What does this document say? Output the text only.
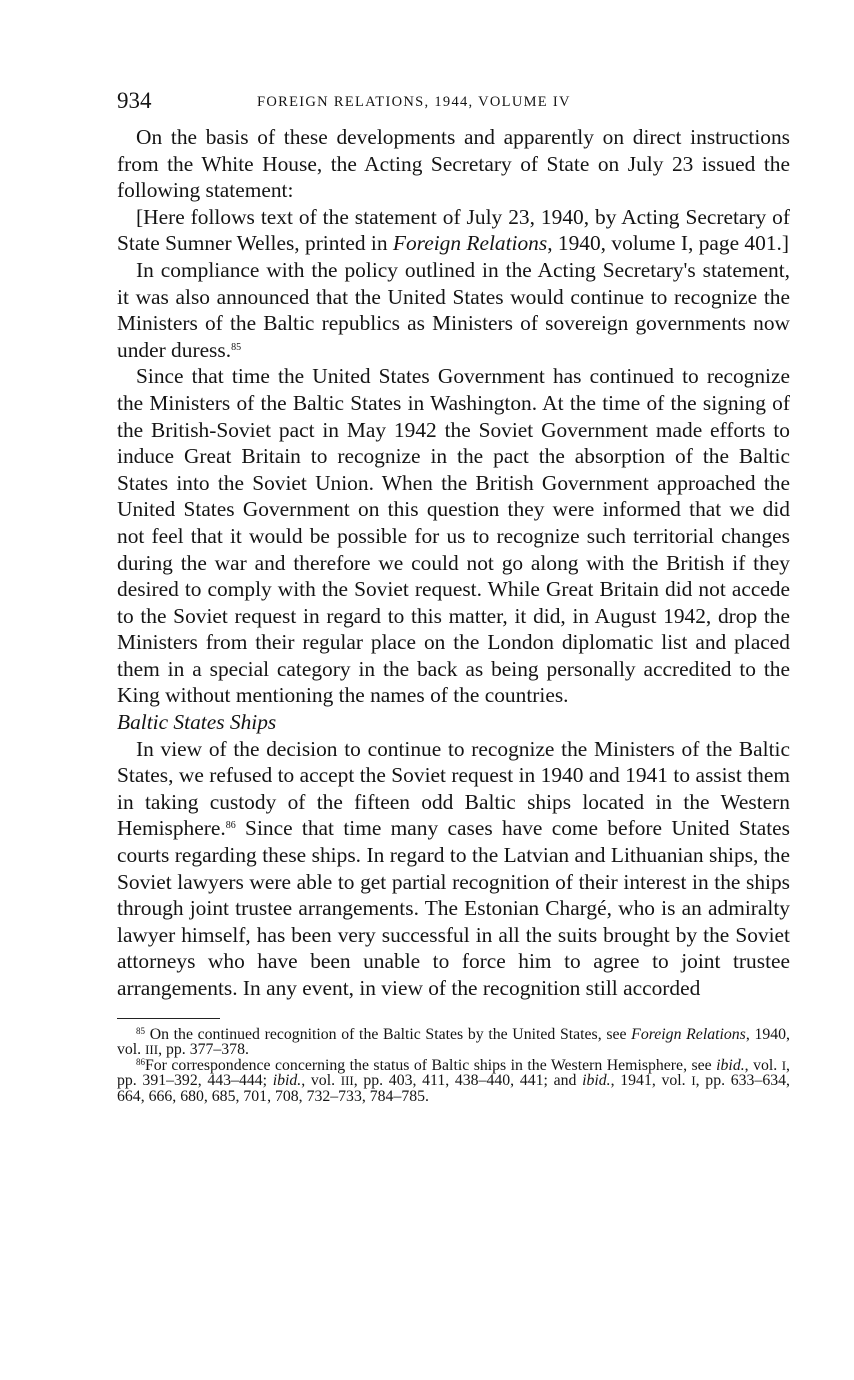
934	FOREIGN RELATIONS, 1944, VOLUME IV

On the basis of these developments and apparently on direct instructions from the White House, the Acting Secretary of State on July 23 issued the following statement:

[Here follows text of the statement of July 23, 1940, by Acting Secretary of State Sumner Welles, printed in Foreign Relations, 1940, volume I, page 401.]

In compliance with the policy outlined in the Acting Secretary's statement, it was also announced that the United States would continue to recognize the Ministers of the Baltic republics as Ministers of sovereign governments now under duress.$^{85}$

Since that time the United States Government has continued to recognize the Ministers of the Baltic States in Washington. At the time of the signing of the British-Soviet pact in May 1942 the Soviet Government made efforts to induce Great Britain to recognize in the pact the absorption of the Baltic States into the Soviet Union. When the British Government approached the United States Government on this question they were informed that we did not feel that it would be possible for us to recognize such territorial changes during the war and therefore we could not go along with the British if they desired to comply with the Soviet request. While Great Britain did not accede to the Soviet request in regard to this matter, it did, in August 1942, drop the Ministers from their regular place on the London diplomatic list and placed them in a special category in the back as being personally accredited to the King without mentioning the names of the countries.

Baltic States Ships

In view of the decision to continue to recognize the Ministers of the Baltic States, we refused to accept the Soviet request in 1940 and 1941 to assist them in taking custody of the fifteen odd Baltic ships located in the Western Hemisphere.$^{86}$ Since that time many cases have come before United States courts regarding these ships. In regard to the Latvian and Lithuanian ships, the Soviet lawyers were able to get partial recognition of their interest in the ships through joint trustee arrangements. The Estonian Chargé, who is an admiralty lawyer himself, has been very successful in all the suits brought by the Soviet attorneys who have been unable to force him to agree to joint trustee arrangements. In any event, in view of the recognition still accorded

$^{85}$ On the continued recognition of the Baltic States by the United States, see Foreign Relations, 1940, vol. III, pp. 377–378.

$^{86}$For correspondence concerning the status of Baltic ships in the Western Hemisphere, see ibid., vol. I, pp. 391–392, 443–444; ibid., vol. III, pp. 403, 411, 438–440, 441; and ibid., 1941, vol. I, pp. 633–634, 664, 666, 680, 685, 701, 708, 732–733, 784–785.
